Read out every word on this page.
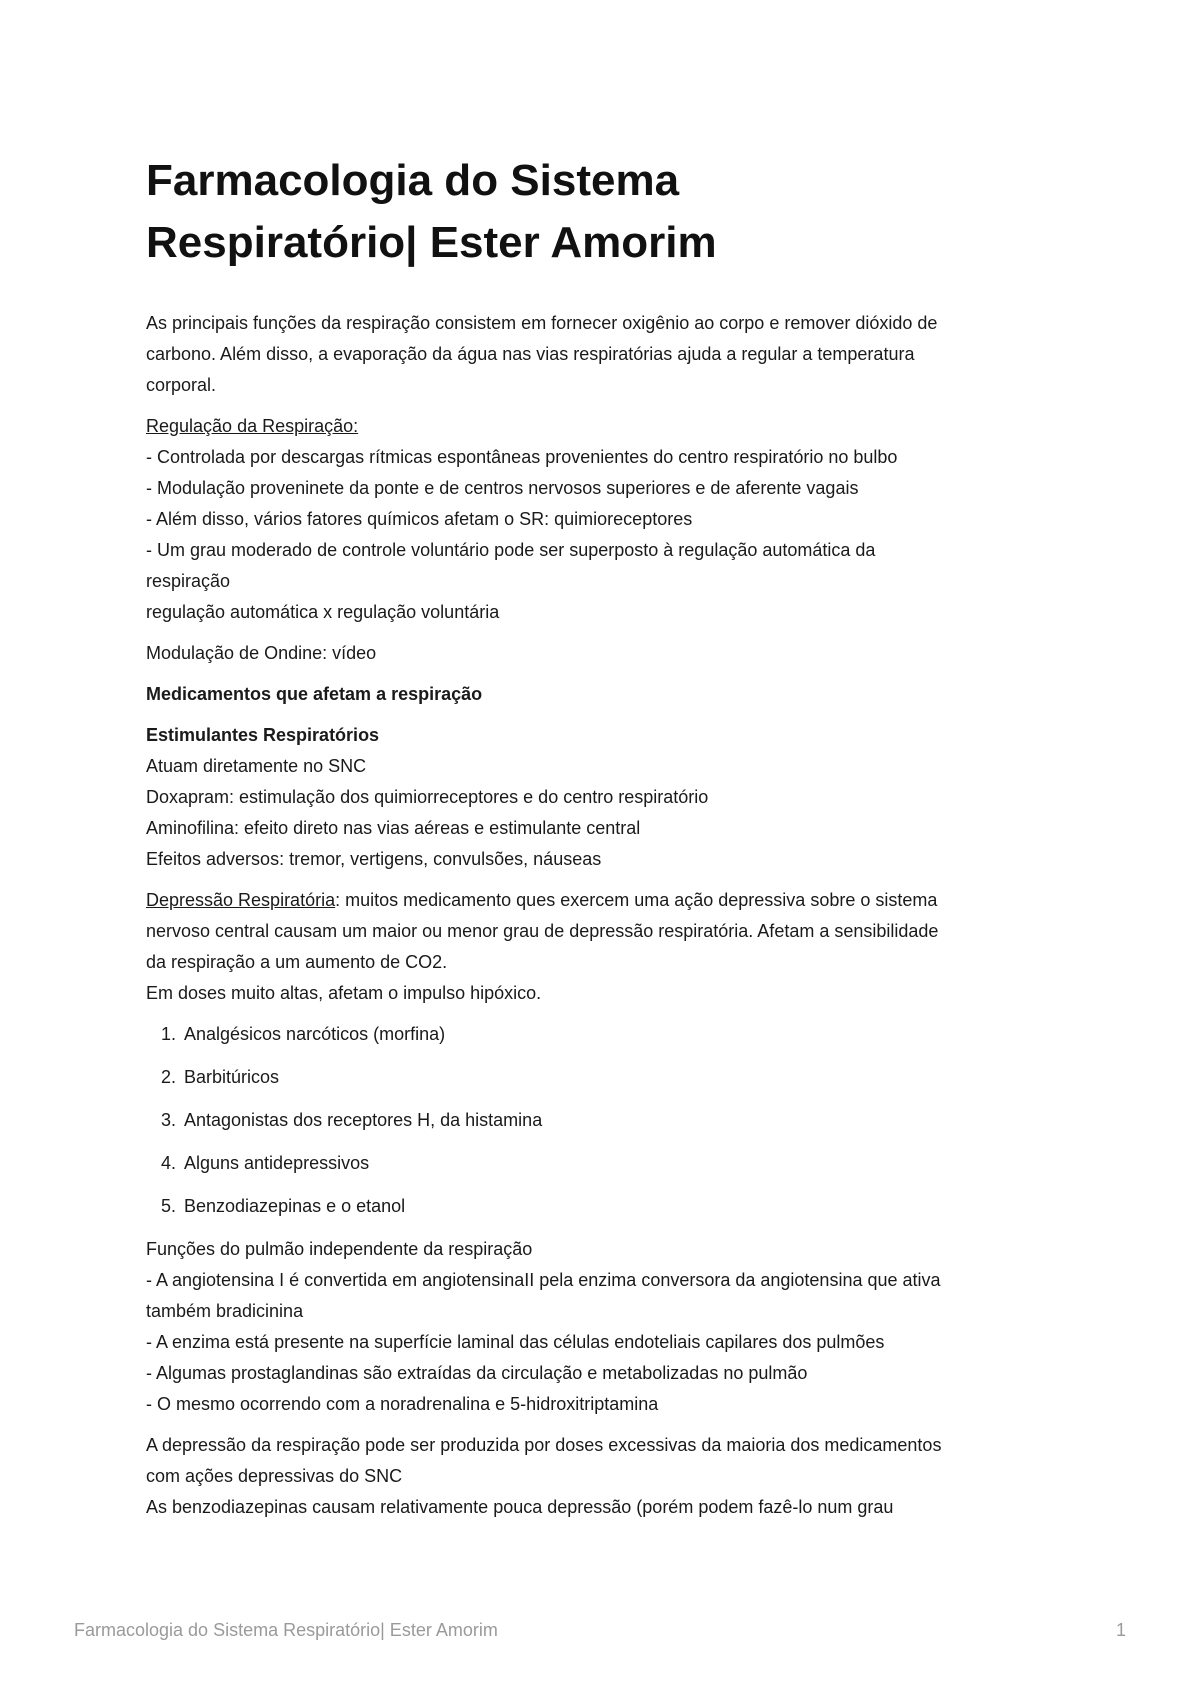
Farmacologia do Sistema
Respiratório| Ester Amorim

As principais funções da respiração consistem em fornecer oxigênio ao corpo e remover dióxido de
carbono. Além disso, a evaporação da água nas vias respiratórias ajuda a regular a temperatura
corporal.

Regulação da Respiração:
- Controlada por descargas rítmicas espontâneas provenientes do centro respiratório no bulbo
- Modulação proveninete da ponte e de centros nervosos superiores e de aferente vagais
- Além disso, vários fatores químicos afetam o SR: quimioreceptores
- Um grau moderado de controle voluntário pode ser superposto à regulação automática da
respiração
regulação automática x regulação voluntária

Modulação de Ondine: vídeo

Medicamentos que afetam a respiração

Estimulantes Respiratórios
Atuam diretamente no SNC
Doxapram: estimulação dos quimiorreceptores e do centro respiratório
Aminofilina: efeito direto nas vias aéreas e estimulante central
Efeitos adversos: tremor, vertigens, convulsões, náuseas

Depressão Respiratória: muitos medicamento ques exercem uma ação depressiva sobre o sistema
nervoso central causam um maior ou menor grau de depressão respiratória. Afetam a sensibilidade
da respiração a um aumento de CO2.
Em doses muito altas, afetam o impulso hipóxico.

1. Analgésicos narcóticos (morfina)
2. Barbitúricos
3. Antagonistas dos receptores H, da histamina
4. Alguns antidepressivos
5. Benzodiazepinas e o etanol

Funções do pulmão independente da respiração
- A angiotensina I é convertida em angiotensinaII pela enzima conversora da angiotensina que ativa
também bradicinina
- A enzima está presente na superfície laminal das células endoteliais capilares dos pulmões
- Algumas prostaglandinas são extraídas da circulação e metabolizadas no pulmão
- O mesmo ocorrendo com a noradrenalina e 5-hidroxitriptamina

A depressão da respiração pode ser produzida por doses excessivas da maioria dos medicamentos
com ações depressivas do SNC
As benzodiazepinas causam relativamente pouca depressão (porém podem fazê-lo num grau

Farmacologia do Sistema Respiratório| Ester Amorim	1
